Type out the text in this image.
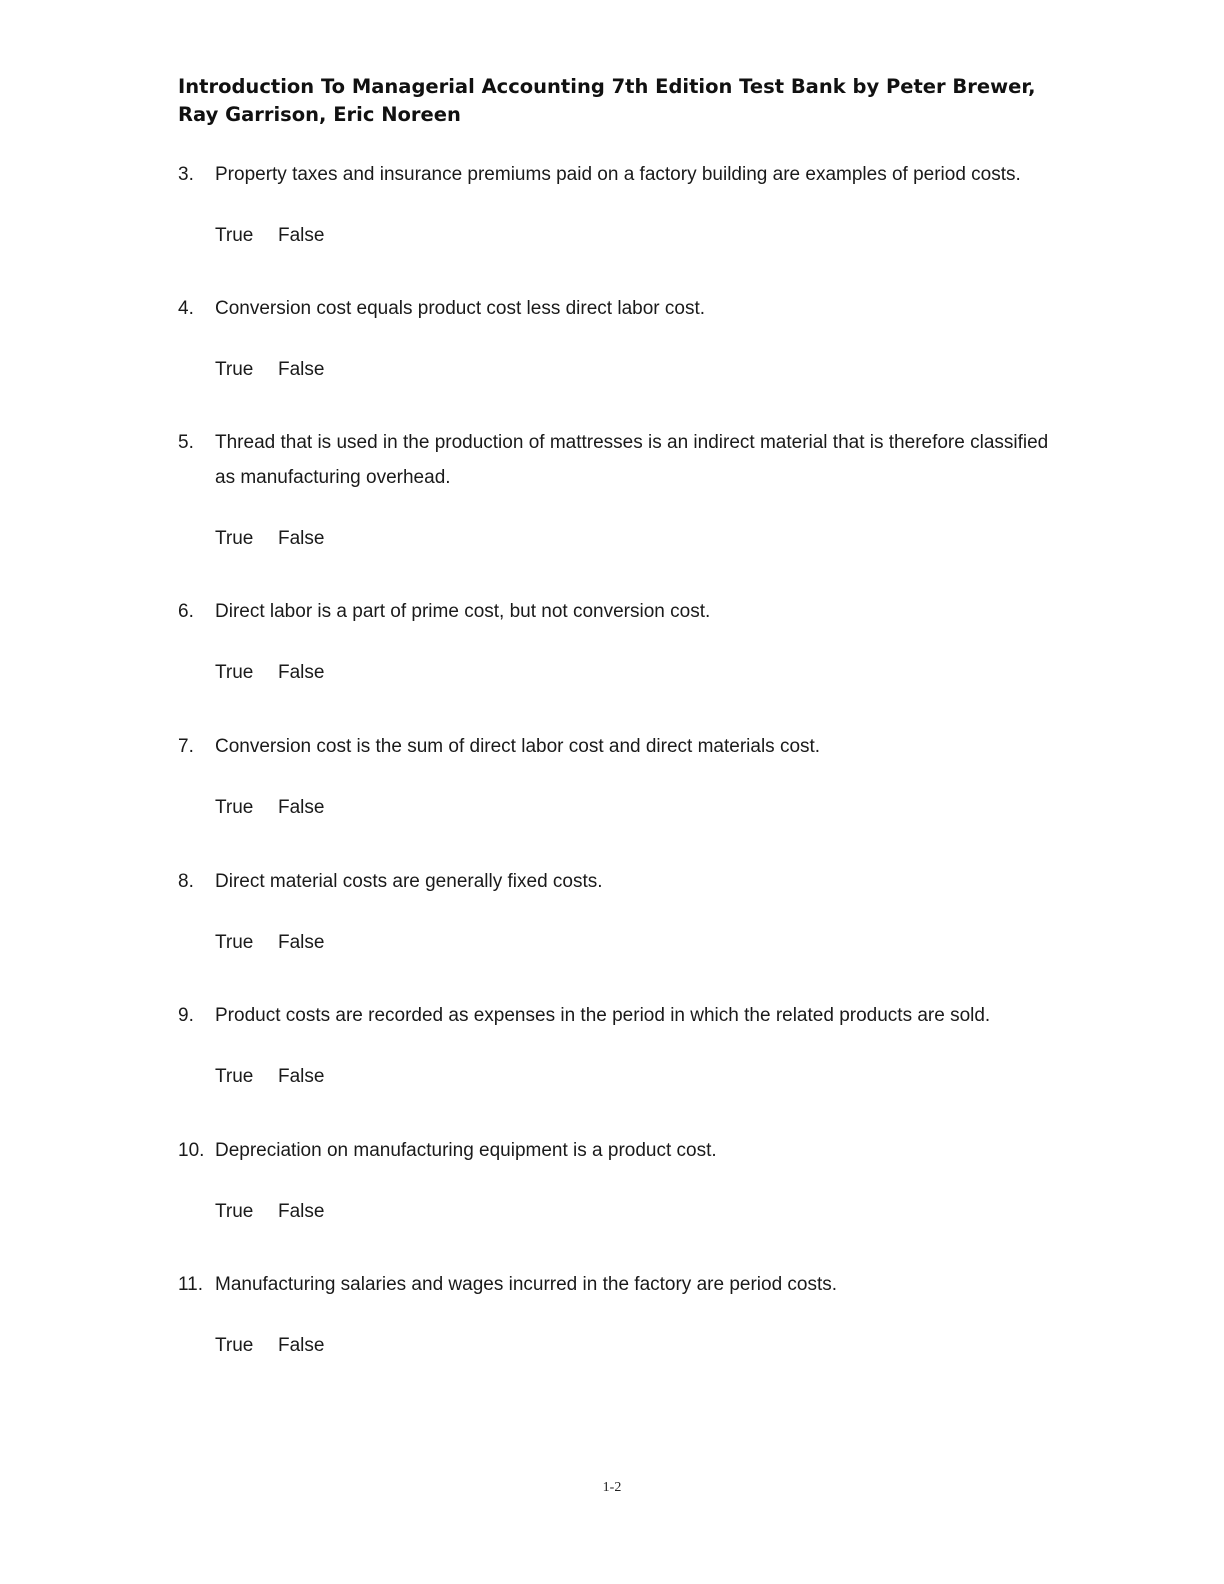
Introduction To Managerial Accounting 7th Edition Test Bank by Peter Brewer, Ray Garrison, Eric Noreen
3.	Property taxes and insurance premiums paid on a factory building are examples of period costs.
True	False
4.	Conversion cost equals product cost less direct labor cost.
True	False
5.	Thread that is used in the production of mattresses is an indirect material that is therefore classified as manufacturing overhead.
True	False
6.	Direct labor is a part of prime cost, but not conversion cost.
True	False
7.	Conversion cost is the sum of direct labor cost and direct materials cost.
True	False
8.	Direct material costs are generally fixed costs.
True	False
9.	Product costs are recorded as expenses in the period in which the related products are sold.
True	False
10. Depreciation on manufacturing equipment is a product cost.
True	False
11. Manufacturing salaries and wages incurred in the factory are period costs.
True	False
1-2
